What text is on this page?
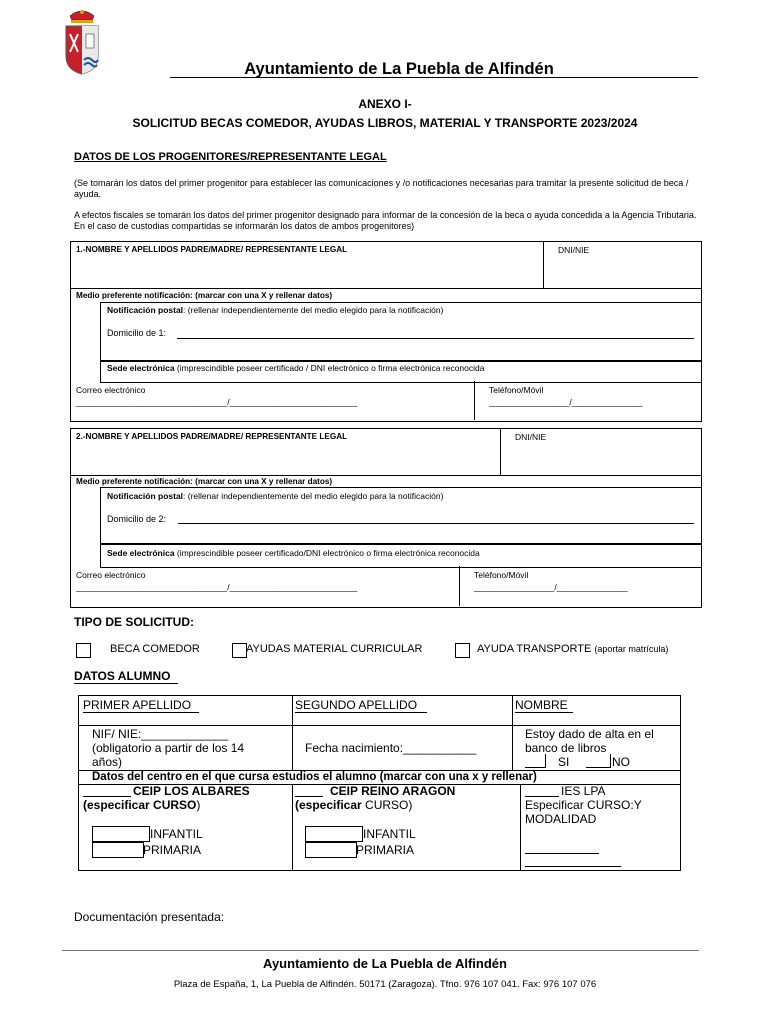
Ayuntamiento de La Puebla de Alfindén
ANEXO I-
SOLICITUD BECAS COMEDOR, AYUDAS LIBROS, MATERIAL Y TRANSPORTE 2023/2024
DATOS DE LOS PROGENITORES/REPRESENTANTE LEGAL
(Se tomarán los datos del primer progenitor para establecer las comunicaciones y /o notificaciones necesarias para tramitar la presente solicitud de beca / ayuda.
A efectos fiscales se tomarán los datos del primer progenitor designado para informar de la concesión de la beca o ayuda concedida a la Agencia Tributaria. En el caso de custodias compartidas se informarán los datos de ambos progenitores)
1.-NOMBRE Y APELLIDOS PADRE/MADRE/ REPRESENTANTE LEGAL	DNI/NIE
Medio preferente notificación: (marcar con una X y rellenar datos)
Notificación postal: (rellenar independientemente del medio elegido para la notificación)
Domicilio de 1:
Sede electrónica (imprescindible poseer certificado / DNI electrónico o firma electrónica reconocida
Correo electrónico
________________________________/___________________________
Teléfono/Móvil
_________________/_______________
2.-NOMBRE Y APELLIDOS PADRE/MADRE/ REPRESENTANTE LEGAL	DNI/NIE
Medio preferente notificación: (marcar con una X y rellenar datos)
Notificación postal: (rellenar independientemente del medio elegido para la notificación)
Domicilio de 2:
Sede electrónica (imprescindible poseer certificado/DNI electrónico o firma electrónica reconocida
Correo electrónico
________________________________/___________________________
Teléfono/Móvil
_________________/_______________
TIPO DE SOLICITUD:
BECA COMEDOR	AYUDAS MATERIAL CURRICULAR	AYUDA TRANSPORTE (aportar matrícula)
DATOS ALUMNO
PRIMER APELLIDO	SEGUNDO APELLIDO	NOMBRE
NIF/ NIE:_____________
(obligatorio a partir de los 14
años)
Fecha nacimiento:___________
Estoy dado de alta en el
banco de libros
SI	NO
Datos del centro en el que cursa estudios el alumno (marcar con una x y rellenar)
CEIP LOS ALBARES
(especificar CURSO)
INFANTIL
PRIMARIA
CEIP REINO ARAGON
(especificar CURSO)
INFANTIL
PRIMARIA
IES LPA
Especificar CURSO:Y
MODALIDAD
Documentación presentada:
Ayuntamiento de La Puebla de Alfindén
Plaza de España, 1, La Puebla de Alfindén. 50171 (Zaragoza). Tfno. 976 107 041. Fax: 976 107 076
